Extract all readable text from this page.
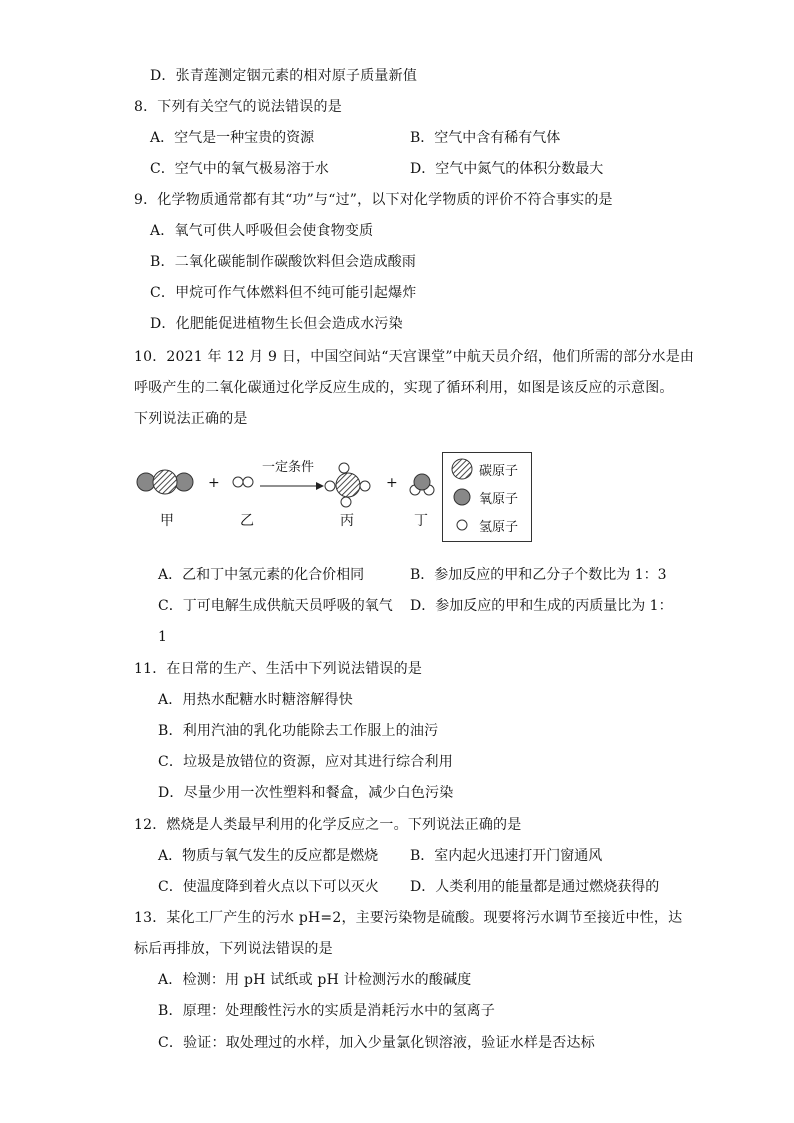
D．张青莲测定铟元素的相对原子质量新值
8．下列有关空气的说法错误的是
A．空气是一种宝贵的资源	B．空气中含有稀有气体
C．空气中的氧气极易溶于水	D．空气中氮气的体积分数最大
9．化学物质通常都有其“功”与“过”，以下对化学物质的评价不符合事实的是
A．氧气可供人呼吸但会使食物变质
B．二氧化碳能制作碳酸饮料但会造成酸雨
C．甲烷可作气体燃料但不纯可能引起爆炸
D．化肥能促进植物生长但会造成水污染
10．2021 年 12 月 9 日，中国空间站“天宫课堂”中航天员介绍，他们所需的部分水是由
呼吸产生的二氧化碳通过化学反应生成的，实现了循环利用，如图是该反应的示意图。
下列说法正确的是
+	+
一定条件
甲	乙	丙	丁
碳原子
氧原子
氢原子
A．乙和丁中氢元素的化合价相同	B．参加反应的甲和乙分子个数比为 1：3
C．丁可电解生成供航天员呼吸的氧气 D．参加反应的甲和生成的丙质量比为 1：
1
11．在日常的生产、生活中下列说法错误的是
A．用热水配糖水时糖溶解得快
B．利用汽油的乳化功能除去工作服上的油污
C．垃圾是放错位的资源，应对其进行综合利用
D．尽量少用一次性塑料和餐盒，减少白色污染
12．燃烧是人类最早利用的化学反应之一。下列说法正确的是
A．物质与氧气发生的反应都是燃烧 B．室内起火迅速打开门窗通风
C．使温度降到着火点以下可以灭火 D．人类利用的能量都是通过燃烧获得的
13．某化工厂产生的污水 pH=2，主要污染物是硫酸。现要将污水调节至接近中性，达
标后再排放，下列说法错误的是
A．检测：用 pH 试纸或 pH 计检测污水的酸碱度
B．原理：处理酸性污水的实质是消耗污水中的氢离子
C．验证：取处理过的水样，加入少量氯化钡溶液，验证水样是否达标
